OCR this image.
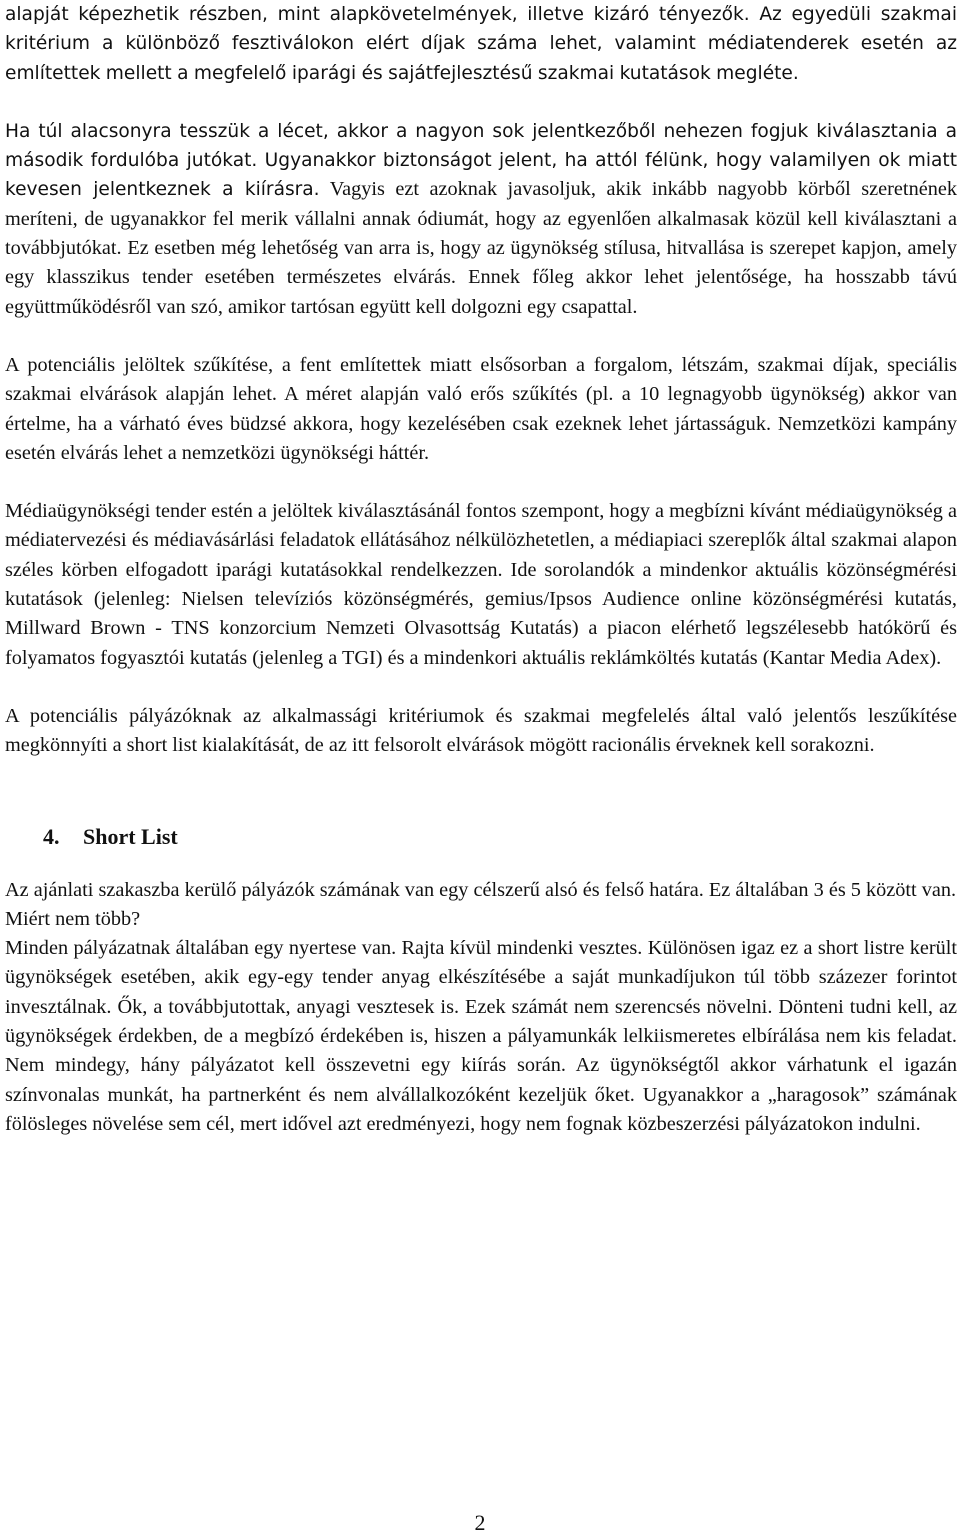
alapját képezhetik részben, mint alapkövetelmények, illetve kizáró tényezők. Az egyedüli szakmai kritérium a különböző fesztiválokon elért díjak száma lehet, valamint médiatenderek esetén az említettek mellett a megfelelő iparági és sajátfejlesztésű szakmai kutatások megléte.

Ha túl alacsonyra tesszük a lécet, akkor a nagyon sok jelentkezőből nehezen fogjuk kiválasztania a második fordulóba jutókat. Ugyanakkor biztonságot jelent, ha attól félünk, hogy valamilyen ok miatt kevesen jelentkeznek a kiírásra. Vagyis ezt azoknak javasoljuk, akik inkább nagyobb körből szeretnének meríteni, de ugyanakkor fel merik vállalni annak ódiumát, hogy az egyenlően alkalmasak közül kell kiválasztani a továbbjutókat. Ez esetben még lehetőség van arra is, hogy az ügynökség stílusa, hitvallása is szerepet kapjon, amely egy klasszikus tender esetében természetes elvárás. Ennek főleg akkor lehet jelentősége, ha hosszabb távú együttműködésről van szó, amikor tartósan együtt kell dolgozni egy csapattal.

A potenciális jelöltek szűkítése, a fent említettek miatt elsősorban a forgalom, létszám, szakmai díjak, speciális szakmai elvárások alapján lehet. A méret alapján való erős szűkítés (pl. a 10 legnagyobb ügynökség) akkor van értelme, ha a várható éves büdzsé akkora, hogy kezelésében csak ezeknek lehet jártasságuk. Nemzetközi kampány esetén elvárás lehet a nemzetközi ügynökségi háttér.

Médiaügynökségi tender estén a jelöltek kiválasztásánál fontos szempont, hogy a megbízni kívánt médiaügynökség a médiatervezési és médiavásárlási feladatok ellátásához nélkülözhetetlen, a médiapiaci szereplők által szakmai alapon széles körben elfogadott iparági kutatásokkal rendelkezzen. Ide sorolandók a mindenkor aktuális közönségmérési kutatások (jelenleg: Nielsen televíziós közönségmérés, gemius/Ipsos Audience online közönségmérési kutatás, Millward Brown - TNS konzorcium Nemzeti Olvasottság Kutatás) a piacon elérhető legszélesebb hatókörű és folyamatos fogyasztói kutatás (jelenleg a TGI) és a mindenkori aktuális reklámköltés kutatás (Kantar Media Adex).

A potenciális pályázóknak az alkalmassági kritériumok és szakmai megfelelés által való jelentős leszűkítése megkönnyíti a short list kialakítását, de az itt felsorolt elvárások mögött racionális érveknek kell sorakozni.

4. Short List

Az ajánlati szakaszba kerülő pályázók számának van egy célszerű alsó és felső határa. Ez általában 3 és 5 között van.

Miért nem több?

Minden pályázatnak általában egy nyertese van. Rajta kívül mindenki vesztes. Különösen igaz ez a short listre került ügynökségek esetében, akik egy-egy tender anyag elkészítésébe a saját munkadíjukon túl több százezer forintot invesztálnak. Ők, a továbbjutottak, anyagi vesztesek is. Ezek számát nem szerencsés növelni. Dönteni tudni kell, az ügynökségek érdekben, de a megbízó érdekében is, hiszen a pályamunkák lelkiismeretes elbírálása nem kis feladat. Nem mindegy, hány pályázatot kell összevetni egy kiírás során. Az ügynökségtől akkor várhatunk el igazán színvonalas munkát, ha partnerként és nem alvállalkozóként kezeljük őket. Ugyanakkor a „haragosok” számának fölösleges növelése sem cél, mert idővel azt eredményezi, hogy nem fognak közbeszerzési pályázatokon indulni.

2
